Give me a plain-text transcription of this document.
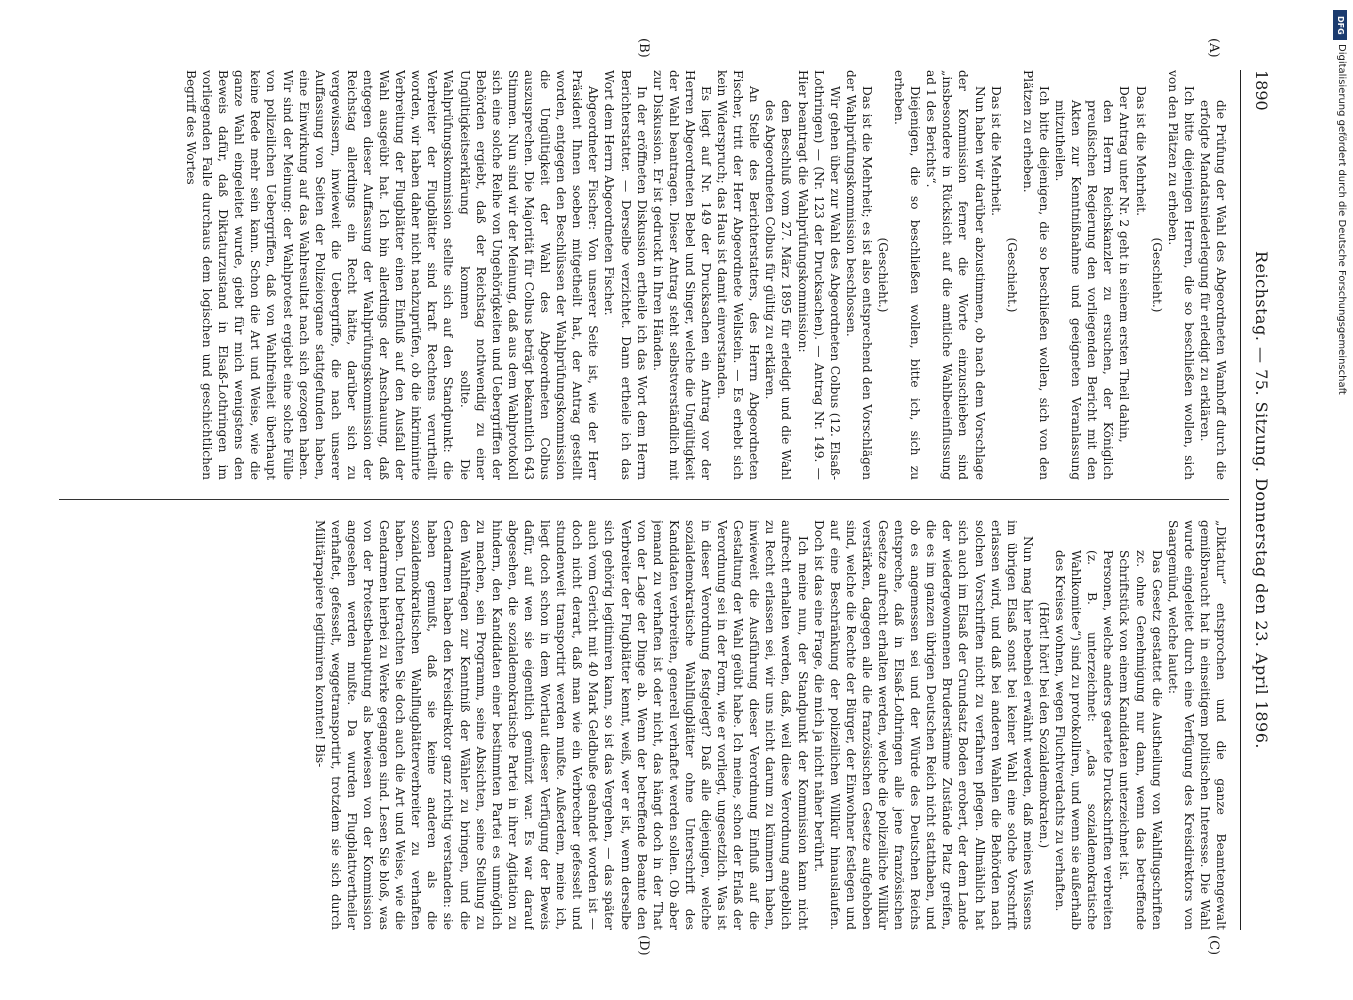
1890
Reichstag. — 75. Sitzung. Donnerstag den 23. April 1896.
(A)
(B)
(C)
(D)

die Prüfung der Wahl des Abgeordneten Wamhoff durch die erfolgte Mandatsniederlegung für erledigt zu erklären.

Ich bitte diejenigen Herren, die so beschließen wollen, sich von den Plätzen zu erheben.

(Geschieht.)

Das ist die Mehrheit.

Der Antrag unter Nr. 2 geht in seinem ersten Theil dahin,

den Herrn Reichskanzler zu ersuchen, der Königlich preußischen Regierung den vorliegenden Bericht mit den Akten zur Kenntnißnahme und geeigneten Veranlassung mitzutheilen.

Ich bitte diejenigen, die so beschließen wollen, sich von den Plätzen zu erheben.

(Geschieht.)

Das ist die Mehrheit.

Nun haben wir darüber abzustimmen, ob nach dem Vorschlage der Kommission ferner die Worte einzuschieben sind „insbesondere in Rücksicht auf die amtliche Wahlbeeinflussung ad 1 des Berichts“.

Diejenigen, die so beschließen wollen, bitte ich, sich zu erheben.

(Geschieht.)

Das ist die Mehrheit; es ist also entsprechend den Vorschlägen der Wahlprüfungskommission beschlossen.

Wir gehen über zur Wahl des Abgeordneten Colbus (12. Elsaß-Lothringen) — (Nr. 123 der Drucksachen). — Antrag Nr. 149. — Hier beantragt die Wahlprüfungskommission:

den Beschluß vom 27. März 1895 für erledigt und die Wahl des Abgeordneten Colbus für gültig zu erklären.

An Stelle des Berichterstatters, des Herrn Abgeordneten Fischer, tritt der Herr Abgeordnete Wellstein. — Es erhebt sich kein Widerspruch; das Haus ist damit einverstanden.

Es liegt auf Nr. 149 der Drucksachen ein Antrag vor der Herren Abgeordneten Bebel und Singer, welche die Ungültigkeit der Wahl beantragen. Dieser Antrag steht selbstverständlich mit zur Diskussion. Er ist gedruckt in Ihren Händen.

In der eröffneten Diskussion ertheile ich das Wort dem Herrn Berichterstatter. — Derselbe verzichtet. Dann ertheile ich das Wort dem Herrn Abgeordneten Fischer.

Abgeordneter Fischer: Von unserer Seite ist, wie der Herr Präsident Ihnen soeben mitgetheilt hat, der Antrag gestellt worden, entgegen den Beschlüssen der Wahlprüfungskommission die Ungültigkeit der Wahl des Abgeordneten Colbus auszusprechen. Die Majorität für Colbus beträgt bekanntlich 643 Stimmen. Nun sind wir der Meinung, daß aus dem Wahlprotokoll sich eine solche Reihe von Ungehörigkeiten und Uebergriffen der Behörden ergiebt, daß der Reichstag nothwendig zu einer Ungültigkeitserklärung kommen sollte. Die Wahlprüfungskommission stellte sich auf den Standpunkt: die Verbreiter der Flugblätter sind kraft Rechtens verurtheilt worden, wir haben daher nicht nachzuprüfen, ob die inkriminirte Verbreitung der Flugblätter einen Einfluß auf den Ausfall der Wahl ausgeübt hat. Ich bin allerdings der Anschauung, daß entgegen dieser Auffassung der Wahlprüfungskommission der Reichstag allerdings ein Recht hätte, darüber sich zu vergewissern, inwieweit die Uebergriffe, die nach unserer Auffassung von Seiten der Polizeiorgane stattgefunden haben, eine Einwirkung auf das Wahlresultat nach sich gezogen haben. Wir sind der Meinung: der Wahlprotest ergiebt eine solche Fülle von polizeilichen Uebergriffen, daß von Wahlfreiheit überhaupt keine Rede mehr sein kann. Schon die Art und Weise, wie die ganze Wahl eingeleitet wurde, giebt für mich wenigstens den Beweis dafür, daß Diktaturzustand in Elsaß-Lothringen im vorliegenden Falle durchaus dem logischen und geschichtlichen Begriff des Wortes

„Diktatur“ entsprochen und die ganze Beamtengewalt gemißbraucht hat in einseitigem politischen Interesse. Die Wahl wurde eingeleitet durch eine Verfügung des Kreisdirektors von Saargemünd, welche lautet:

Das Gesetz gestattet die Austheilung von Wahlflugschriften zc. ohne Genehmigung nur dann, wenn das betreffende Schriftstück von einem Kandidaten unterzeichnet ist.

Personen, welche anders geartete Druckschriften verbreiten (z. B. unterzeichnet: „das sozialdemokratische Wahlkomitee“) sind zu protokolliren, und wenn sie außerhalb des Kreises wohnen, wegen Fluchtverdachts zu verhaften.

(Hört! hört! bei den Sozialdemokraten.)

Nun mag hier nebenbei erwähnt werden, daß meines Wissens im übrigen Elsaß sonst bei keiner Wahl eine solche Vorschrift erlassen wird, und daß bei anderen Wahlen die Behörden nach solchen Vorschriften nicht zu verfahren pflegen. Allmählich hat sich auch im Elsaß der Grundsatz Boden erobert, der dem Lande der wiedergewonnenen Bruderstämme Zustände Platz greifen, die es im ganzen übrigen Deutschen Reich nicht statthaben, und ob es angemessen sei und der Würde des Deutschen Reichs entspreche, daß in Elsaß-Lothringen alle jene französischen Gesetze aufrecht erhalten werden, welche die polizeiliche Willkür verstärken, dagegen alle die französischen Gesetze aufgehoben sind, welche die Rechte der Bürger, der Einwohner festlegen und auf eine Beschränkung der polizeilichen Willkür hinauslaufen. Doch ist das eine Frage, die mich ja nicht näher berührt.

Ich meine nun, der Standpunkt der Kommission kann nicht aufrecht erhalten werden, daß, weil diese Verordnung angeblich zu Recht erlassen sei, wir uns nicht darum zu kümmern haben, inwieweit die Ausführung dieser Verordnung Einfluß auf die Gestaltung der Wahl geübt habe. Ich meine, schon der Erlaß der Verordnung sei in der Form, wie er vorliegt, ungesetzlich. Was ist in dieser Verordnung festgelegt? Daß alle diejenigen, welche sozialdemokratische Wahlflugblätter ohne Unterschrift des Kandidaten verbreiten, generell verhaftet werden sollen. Ob aber jemand zu verhaften ist oder nicht, das hängt doch in der That von der Lage der Dinge ab. Wenn der betreffende Beamte den Verbreiter der Flugblätter kennt, weiß, wer er ist, wenn derselbe sich gehörig legitimiren kann, so ist das Vergehen, — das später auch vom Gericht mit 40 Mark Geldbuße geahndet worden ist — doch nicht derart, daß man wie ein Verbrecher gefesselt und stundenweit transportirt werden mußte. Außerdem, meine ich, liegt doch schon in dem Wortlaut dieser Verfügung der Beweis dafür, auf wen sie eigentlich gemünzt war. Es war darauf abgesehen, die sozialdemokratische Partei in ihrer Agitation zu hindern, den Kandidaten einer bestimmten Partei es unmöglich zu machen, sein Programm, seine Absichten, seine Stellung zu den Wahlfragen zur Kenntniß der Wähler zu bringen, und die Gendarmen haben den Kreisdirektor ganz richtig verstanden: sie haben gemußt, daß sie keine anderen als die sozialdemokratischen Wahlflugblätterverbreiter zu verhaften haben. Und betrachten Sie doch auch die Art und Weise, wie die Gendarmen hierbei zu Werke gegangen sind. Lesen Sie bloß, was von der Protestbehauptung als bewiesen von der Kommission angesehen werden mußte. Da wurden Flugblattvertheiler verhaftet, gefesselt, weggetransportirt, trotzdem sie sich durch Militärpapiere legitimiren konnten! Bis-

DFG
Digitalisierung gefördert durch die Deutsche Forschungsgemeinschaft
